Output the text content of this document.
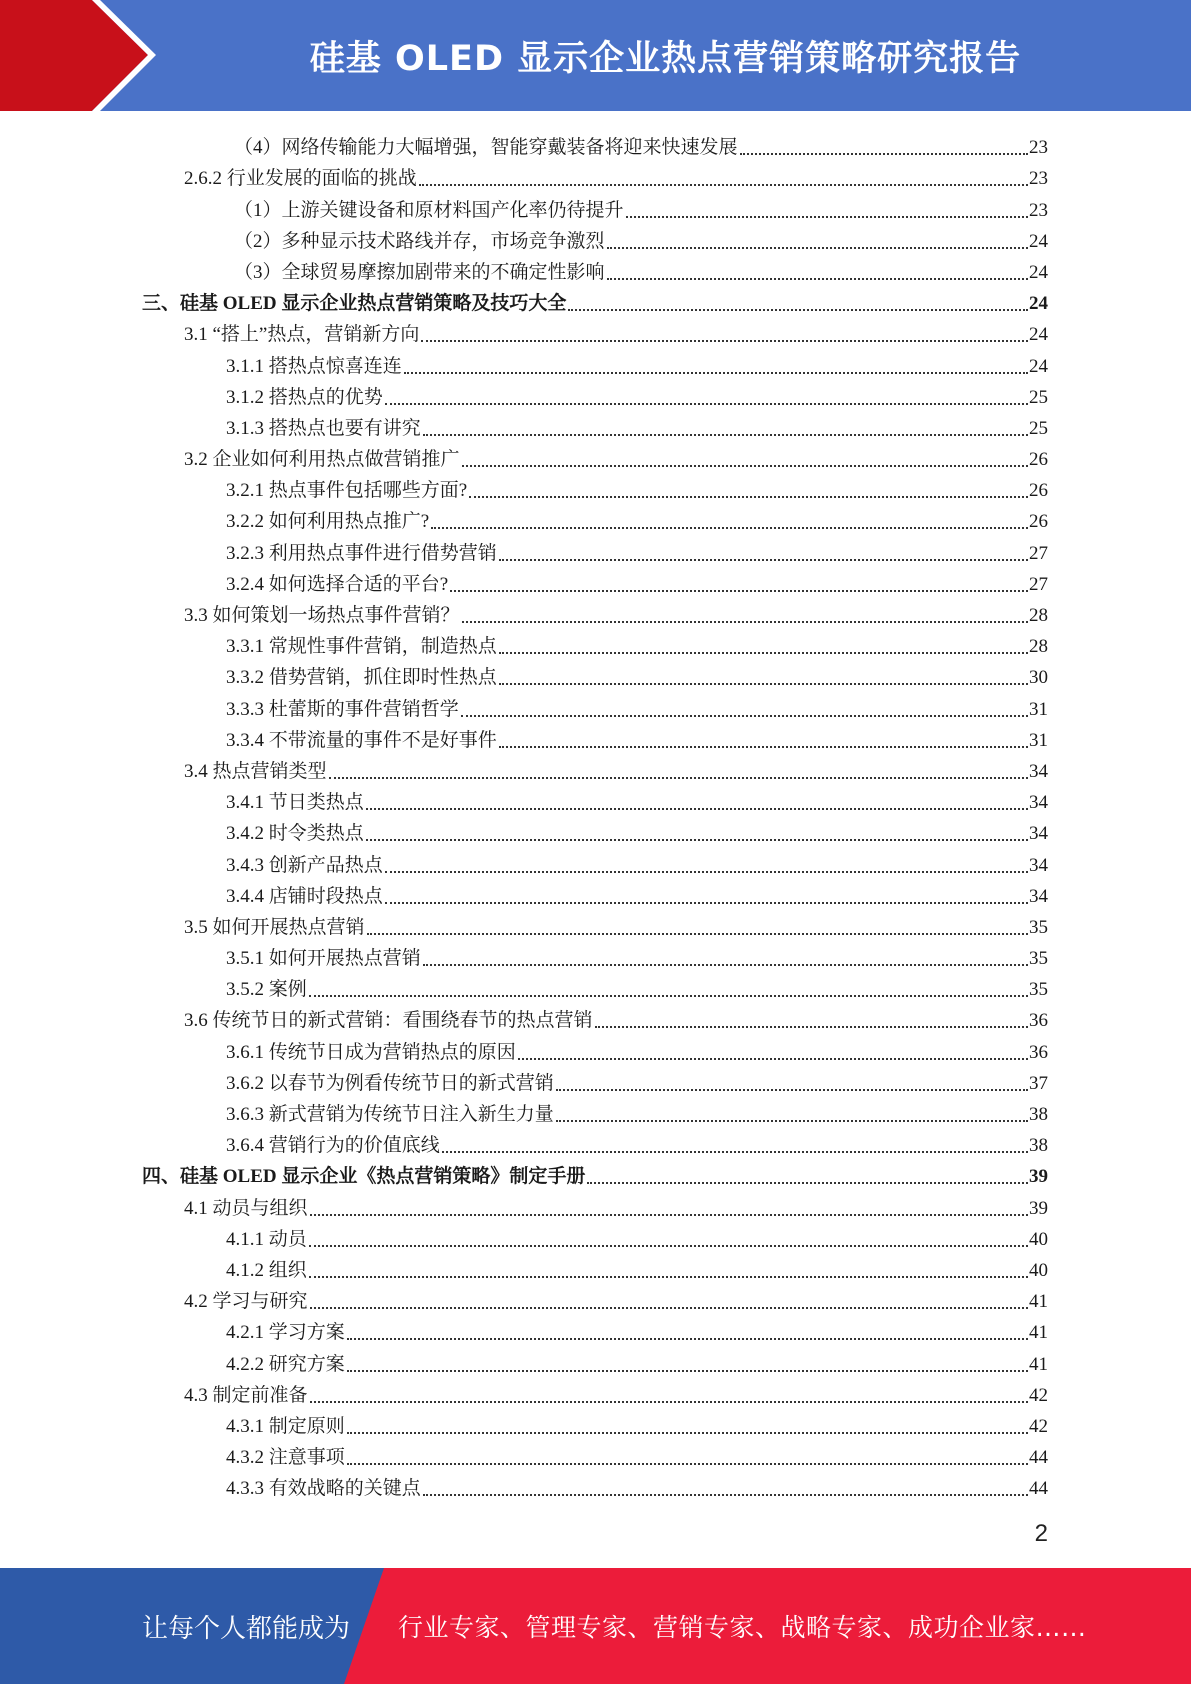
硅基 OLED 显示企业热点营销策略研究报告
（4）网络传输能力大幅增强，智能穿戴装备将迎来快速发展	23
2.6.2 行业发展的面临的挑战	23
（1）上游关键设备和原材料国产化率仍待提升	23
（2）多种显示技术路线并存，市场竞争激烈	24
（3）全球贸易摩擦加剧带来的不确定性影响	24
三、硅基 OLED 显示企业热点营销策略及技巧大全	24
3.1 “搭上”热点，营销新方向	24
3.1.1 搭热点惊喜连连	24
3.1.2 搭热点的优势	25
3.1.3 搭热点也要有讲究	25
3.2 企业如何利用热点做营销推广	26
3.2.1 热点事件包括哪些方面?	26
3.2.2 如何利用热点推广?	26
3.2.3 利用热点事件进行借势营销	27
3.2.4 如何选择合适的平台?	27
3.3 如何策划一场热点事件营销？	28
3.3.1 常规性事件营销，制造热点	28
3.3.2 借势营销，抓住即时性热点	30
3.3.3 杜蕾斯的事件营销哲学	31
3.3.4 不带流量的事件不是好事件	31
3.4 热点营销类型	34
3.4.1 节日类热点	34
3.4.2 时令类热点	34
3.4.3 创新产品热点	34
3.4.4 店铺时段热点	34
3.5 如何开展热点营销	35
3.5.1 如何开展热点营销	35
3.5.2 案例	35
3.6 传统节日的新式营销：看围绕春节的热点营销	36
3.6.1 传统节日成为营销热点的原因	36
3.6.2 以春节为例看传统节日的新式营销	37
3.6.3 新式营销为传统节日注入新生力量	38
3.6.4 营销行为的价值底线	38
四、硅基 OLED 显示企业《热点营销策略》制定手册	39
4.1 动员与组织	39
4.1.1 动员	40
4.1.2 组织	40
4.2 学习与研究	41
4.2.1 学习方案	41
4.2.2 研究方案	41
4.3 制定前准备	42
4.3.1 制定原则	42
4.3.2 注意事项	44
4.3.3 有效战略的关键点	44
2
让每个人都能成为 行业专家、管理专家、营销专家、战略专家、成功企业家……
